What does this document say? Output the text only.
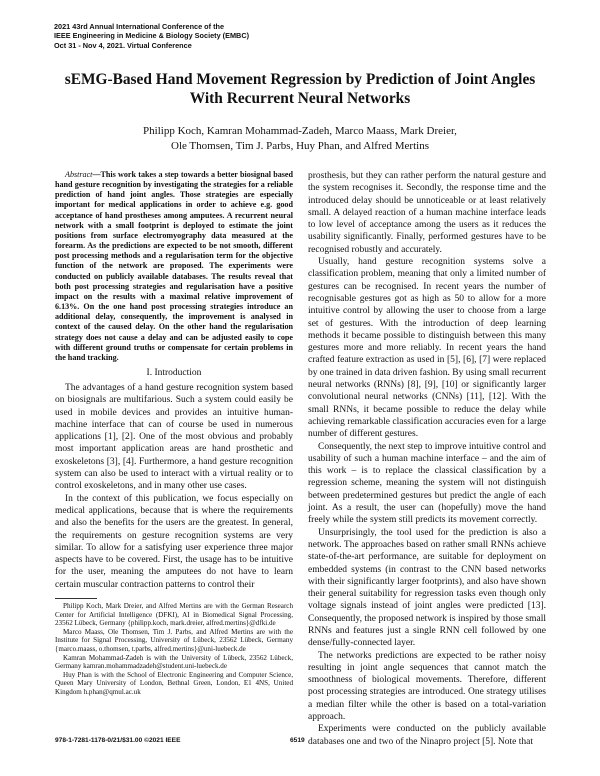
2021 43rd Annual International Conference of the
IEEE Engineering in Medicine & Biology Society (EMBC)
Oct 31 - Nov 4, 2021. Virtual Conference
sEMG-Based Hand Movement Regression by Prediction of Joint Angles
With Recurrent Neural Networks
Philipp Koch, Kamran Mohammad-Zadeh, Marco Maass, Mark Dreier,
Ole Thomsen, Tim J. Parbs, Huy Phan, and Alfred Mertins

Abstract—This work takes a step towards a better biosignal based hand gesture recognition by investigating the strategies for a reliable prediction of hand joint angles. Those strategies are especially important for medical applications in order to achieve e.g. good acceptance of hand prostheses among amputees. A recurrent neural network with a small footprint is deployed to estimate the joint positions from surface electromyography data measured at the forearm. As the predictions are expected to be not smooth, different post processing methods and a regularisation term for the objective function of the network are proposed. The experiments were conducted on publicly available databases. The results reveal that both post processing strategies and regularisation have a positive impact on the results with a maximal relative improvement of 6.13%. On the one hand post processing strategies introduce an additional delay, consequently, the improvement is analysed in context of the caused delay. On the other hand the regularisation strategy does not cause a delay and can be adjusted easily to cope with different ground truths or compensate for certain problems in the hand tracking.

I. Introduction

The advantages of a hand gesture recognition system based on biosignals are multifarious. Such a system could easily be used in mobile devices and provides an intuitive human-machine interface that can of course be used in numerous applications [1], [2]. One of the most obvious and probably most important application areas are hand prosthetic and exoskeletons [3], [4]. Furthermore, a hand gesture recognition system can also be used to interact with a virtual reality or to control exoskeletons, and in many other use cases.

In the context of this publication, we focus especially on medical applications, because that is where the requirements and also the benefits for the users are the greatest. In general, the requirements on gesture recognition systems are very similar. To allow for a satisfying user experience three major aspects have to be covered. First, the usage has to be intuitive for the user, meaning the amputees do not have to learn certain muscular contraction patterns to control their

Philipp Koch, Mark Dreier, and Alfred Mertins are with the German Research Center for Artificial Intelligence (DFKI), AI in Biomedical Signal Processing, 23562 Lübeck, Germany {philipp.koch, mark.dreier, alfred.mertins}@dfki.de
Marco Maass, Ole Thomsen, Tim J. Parbs, and Alfred Mertins are with the Institute for Signal Processing, University of Lübeck, 23562 Lübeck, Germany {marco.maass, o.thomsen, t.parbs, alfred.mertins}@uni-luebeck.de
Kamran Mohammad-Zadeh is with the University of Lübeck, 23562 Lübeck, Germany kamran.mohammadzadeh@student.uni-luebeck.de
Huy Phan is with the School of Electronic Engineering and Computer Science, Queen Mary University of London, Bethnal Green, London, E1 4NS, United Kingdom h.phan@qmul.ac.uk

prosthesis, but they can rather perform the natural gesture and the system recognises it. Secondly, the response time and the introduced delay should be unnoticeable or at least relatively small. A delayed reaction of a human machine interface leads to low level of acceptance among the users as it reduces the usability significantly. Finally, performed gestures have to be recognised robustly and accurately.

Usually, hand gesture recognition systems solve a classification problem, meaning that only a limited number of gestures can be recognised. In recent years the number of recognisable gestures got as high as 50 to allow for a more intuitive control by allowing the user to choose from a large set of gestures. With the introduction of deep learning methods it became possible to distinguish between this many gestures more and more reliably. In recent years the hand crafted feature extraction as used in [5], [6], [7] were replaced by one trained in data driven fashion. By using small recurrent neural networks (RNNs) [8], [9], [10] or significantly larger convolutional neural networks (CNNs) [11], [12]. With the small RNNs, it became possible to reduce the delay while achieving remarkable classification accuracies even for a large number of different gestures.

Consequently, the next step to improve intuitive control and usability of such a human machine interface – and the aim of this work – is to replace the classical classification by a regression scheme, meaning the system will not distinguish between predetermined gestures but predict the angle of each joint. As a result, the user can (hopefully) move the hand freely while the system still predicts its movement correctly.

Unsurprisingly, the tool used for the prediction is also a network. The approaches based on rather small RNNs achieve state-of-the-art performance, are suitable for deployment on embedded systems (in contrast to the CNN based networks with their significantly larger footprints), and also have shown their general suitability for regression tasks even though only voltage signals instead of joint angles were predicted [13]. Consequently, the proposed network is inspired by those small RNNs and features just a single RNN cell followed by one dense/fully-connected layer.

The networks predictions are expected to be rather noisy resulting in joint angle sequences that cannot match the smoothness of biological movements. Therefore, different post processing strategies are introduced. One strategy utilises a median filter while the other is based on a total-variation approach.

Experiments were conducted on the publicly available databases one and two of the Ninapro project [5]. Note that

978-1-7281-1178-0/21/$31.00 ©2021 IEEE	6519
